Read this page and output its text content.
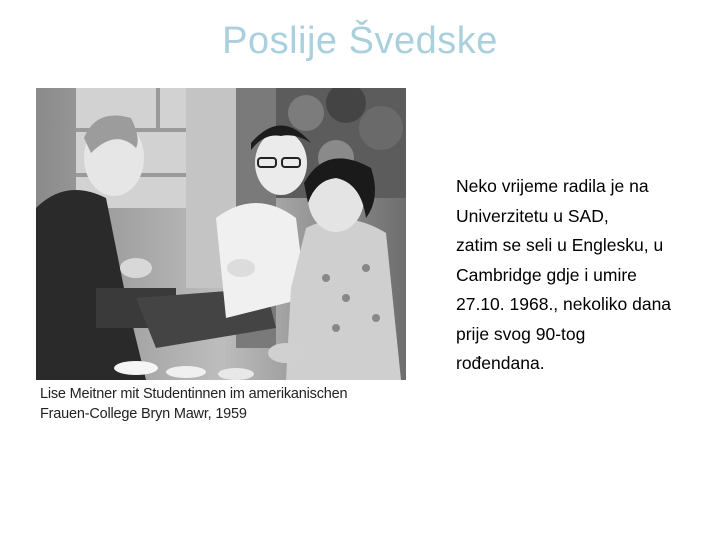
Poslije Švedske
Lise Meitner mit Studentinnen im amerikanischen
Frauen-College Bryn Mawr, 1959
Neko vrijeme radila je na
Univerzitetu u SAD,
zatim se seli u Englesku, u
Cambridge gdje i umire
27.10. 1968., nekoliko dana
prije svog 90-tog
rođendana.
